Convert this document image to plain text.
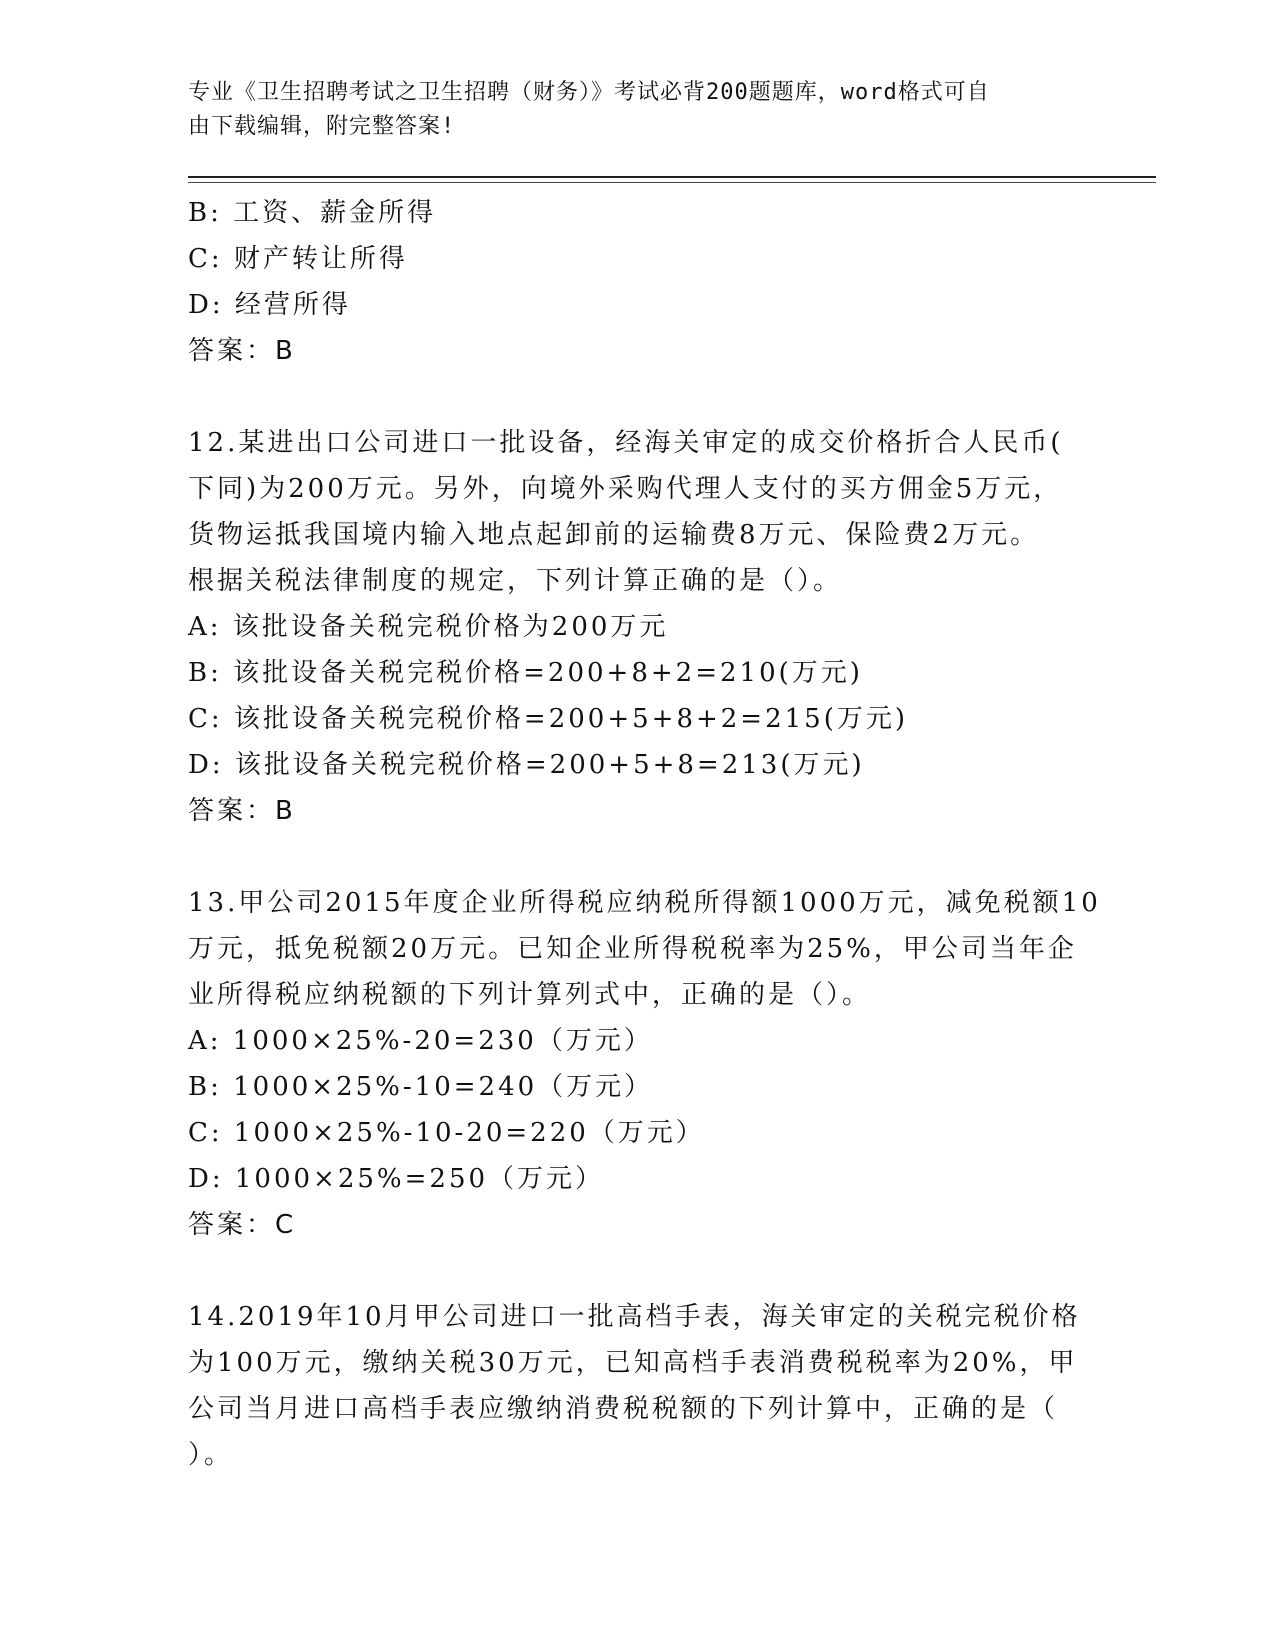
专业《卫生招聘考试之卫生招聘（财务）》考试必背200题题库，word格式可自
由下载编辑，附完整答案!
B: 工资、薪金所得
C: 财产转让所得
D: 经营所得
答案：B
12.某进出口公司进口一批设备，经海关审定的成交价格折合人民币(
下同)为200万元。另外，向境外采购代理人支付的买方佣金5万元，
货物运抵我国境内输入地点起卸前的运输费8万元、保险费2万元。
根据关税法律制度的规定，下列计算正确的是（）。
A: 该批设备关税完税价格为200万元
B: 该批设备关税完税价格=200+8+2=210(万元)
C: 该批设备关税完税价格=200+5+8+2=215(万元)
D: 该批设备关税完税价格=200+5+8=213(万元)
答案：B
13.甲公司2015年度企业所得税应纳税所得额1000万元，减免税额10
万元，抵免税额20万元。已知企业所得税税率为25%，甲公司当年企
业所得税应纳税额的下列计算列式中，正确的是（）。
A: 1000×25%-20=230（万元）
B: 1000×25%-10=240（万元）
C: 1000×25%-10-20=220（万元）
D: 1000×25%=250（万元）
答案：C
14.2019年10月甲公司进口一批高档手表，海关审定的关税完税价格
为100万元，缴纳关税30万元，已知高档手表消费税税率为20%，甲
公司当月进口高档手表应缴纳消费税税额的下列计算中，正确的是（
）。
